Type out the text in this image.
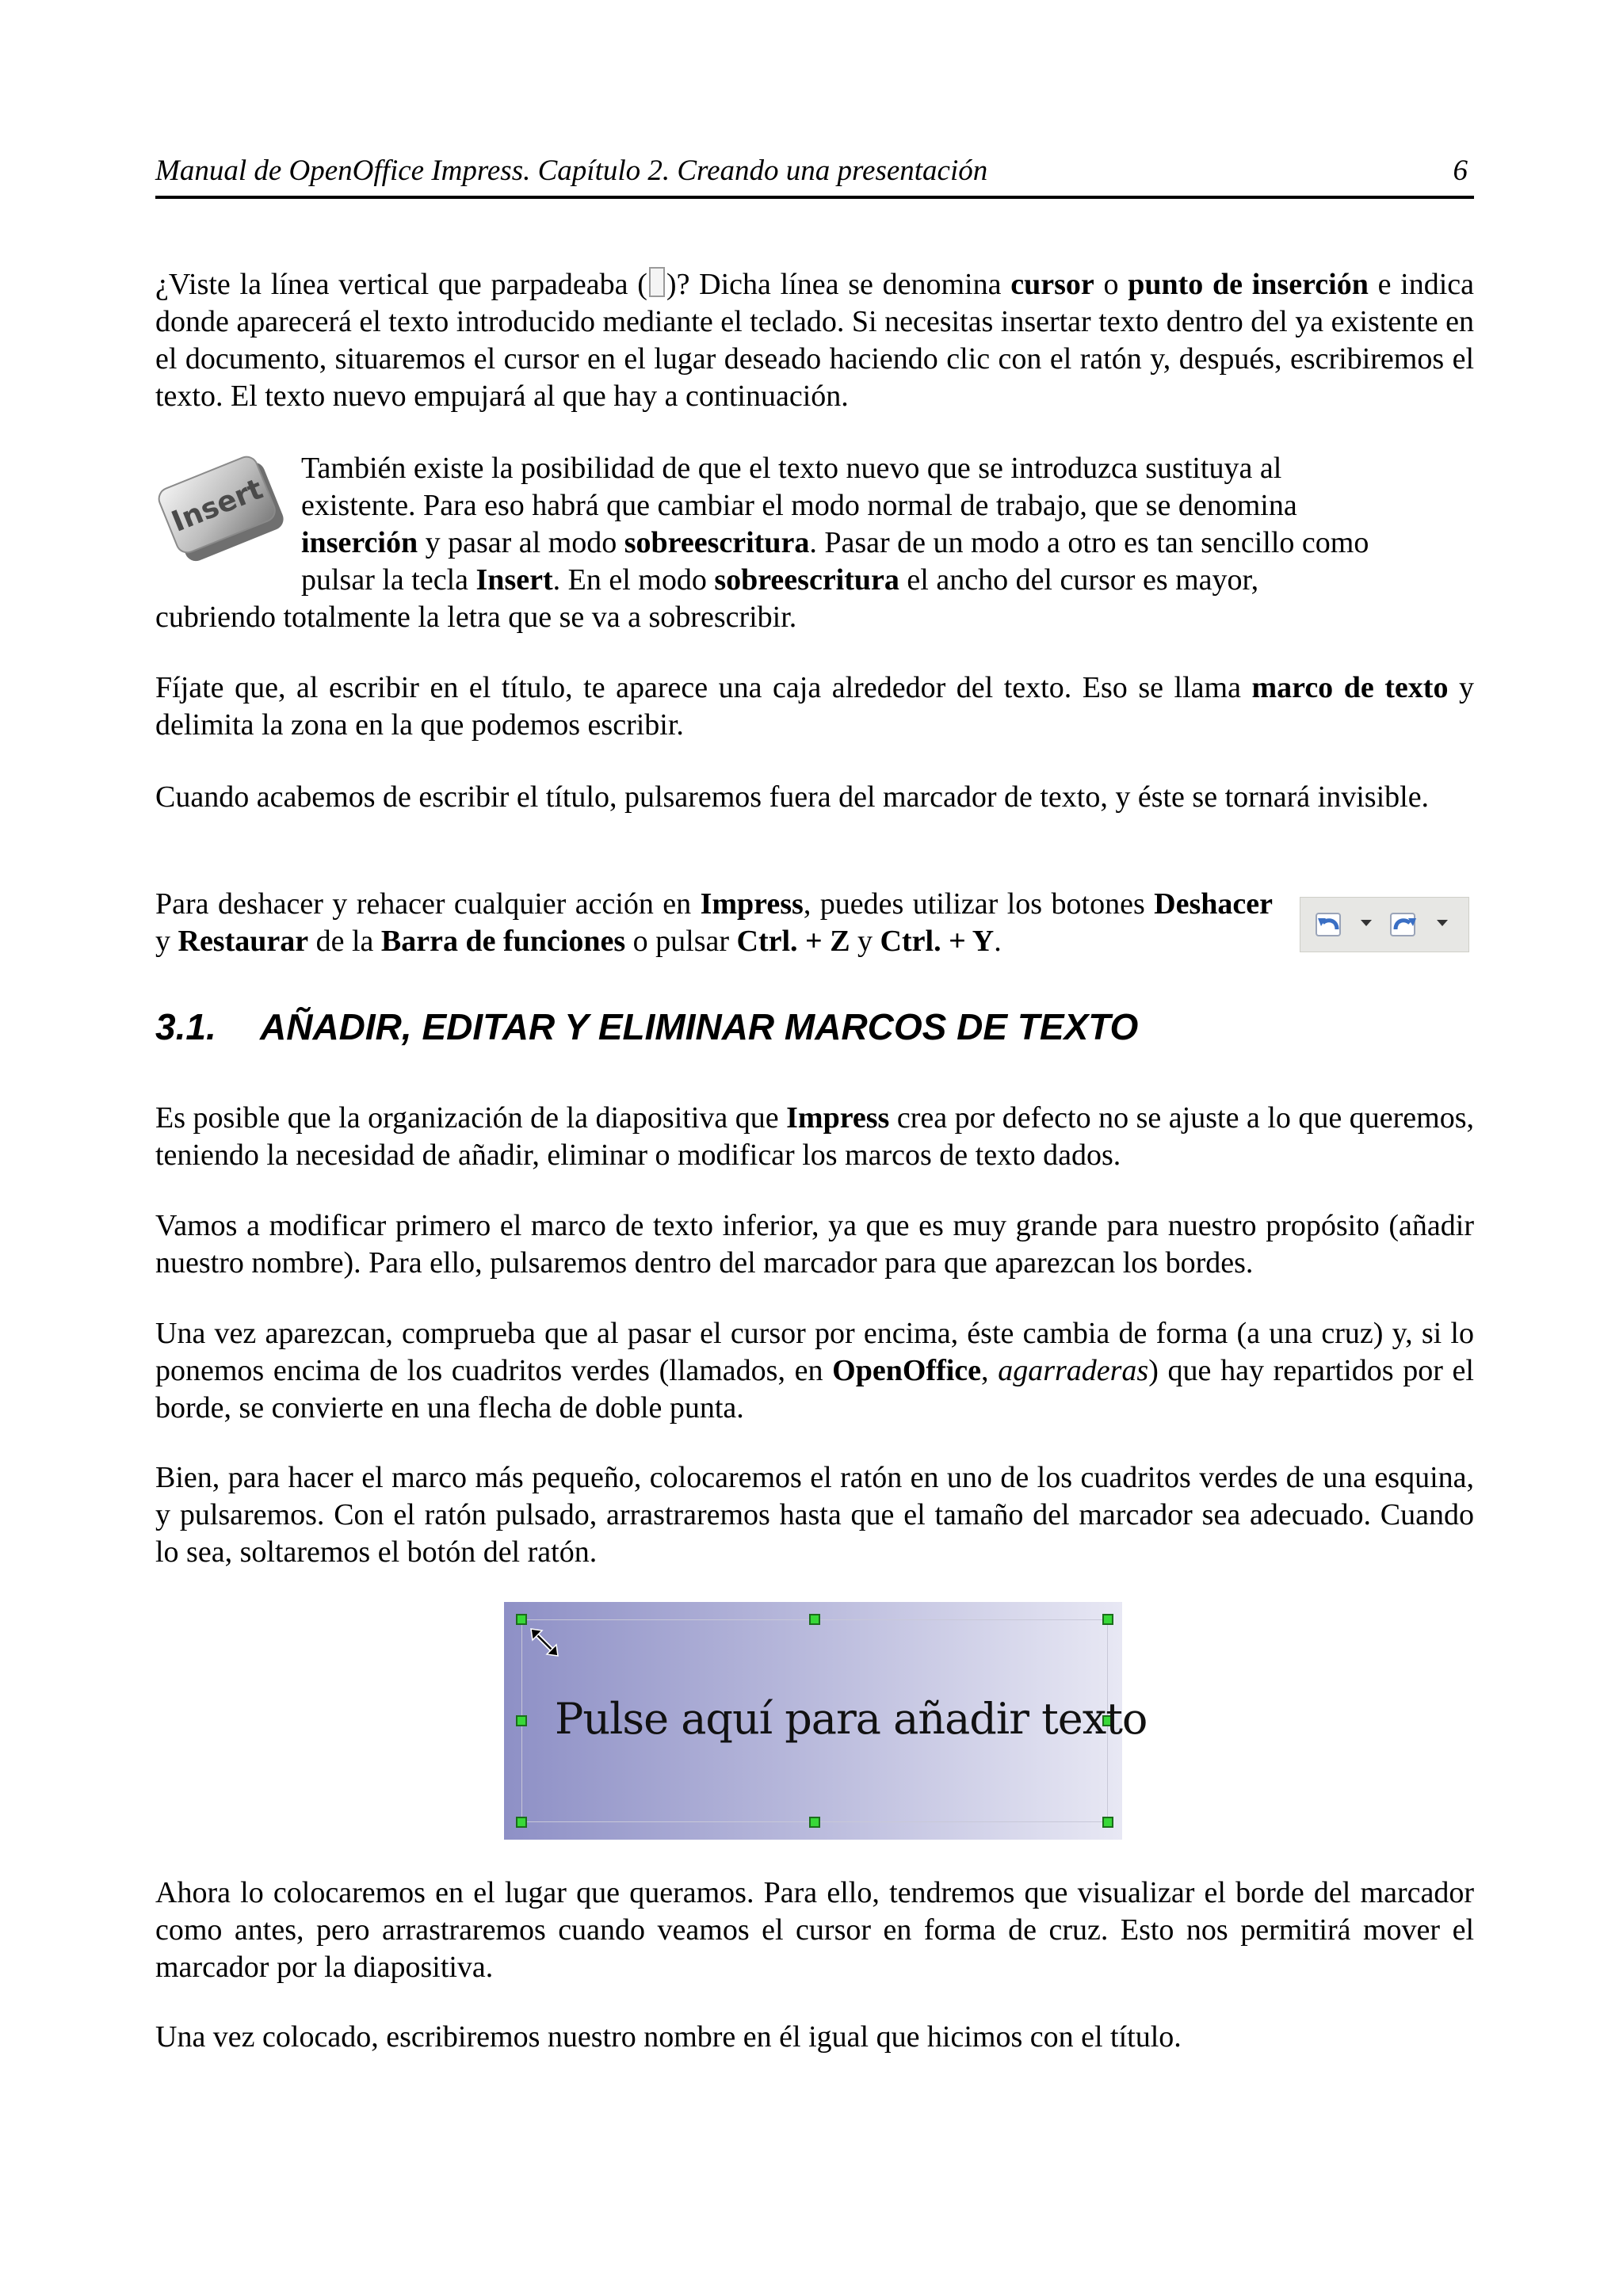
Manual de OpenOffice Impress. Capítulo 2. Creando una presentación	6

¿Viste la línea vertical que parpadeaba ( )? Dicha línea se denomina cursor o punto de inserción e indica donde aparecerá el texto introducido mediante el teclado. Si necesitas insertar texto dentro del ya existente en el documento, situaremos el cursor en el lugar deseado haciendo clic con el ratón y, después, escribiremos el texto. El texto nuevo empujará al que hay a continuación.

Insert

También existe la posibilidad de que el texto nuevo que se introduzca sustituya al

existente. Para eso habrá que cambiar el modo normal de trabajo, que se denomina

inserción y pasar al modo sobreescritura. Pasar de un modo a otro es tan sencillo como

pulsar la tecla Insert. En el modo sobreescritura el ancho del cursor es mayor,

cubriendo totalmente la letra que se va a sobrescribir.

Fíjate que, al escribir en el título, te aparece una caja alrededor del texto. Eso se llama marco de texto y delimita la zona en la que podemos escribir.

Cuando acabemos de escribir el título, pulsaremos fuera del marcador de texto, y éste se tornará invisible.

Para deshacer y rehacer cualquier acción en Impress, puedes utilizar los botones Deshacer y Restaurar de la Barra de funciones o pulsar Ctrl. + Z y Ctrl. + Y.

3.1. AÑADIR, EDITAR Y ELIMINAR MARCOS DE TEXTO

Es posible que la organización de la diapositiva que Impress crea por defecto no se ajuste a lo que queremos, teniendo la necesidad de añadir, eliminar o modificar los marcos de texto dados.

Vamos a modificar primero el marco de texto inferior, ya que es muy grande para nuestro propósito (añadir nuestro nombre). Para ello, pulsaremos dentro del marcador para que aparezcan los bordes.

Una vez aparezcan, comprueba que al pasar el cursor por encima, éste cambia de forma (a una cruz) y, si lo ponemos encima de los cuadritos verdes (llamados, en OpenOffice, agarraderas) que hay repartidos por el borde, se convierte en una flecha de doble punta.

Bien, para hacer el marco más pequeño, colocaremos el ratón en uno de los cuadritos verdes de una esquina, y pulsaremos. Con el ratón pulsado, arrastraremos hasta que el tamaño del marcador sea adecuado. Cuando lo sea, soltaremos el botón del ratón.

Pulse aquí para añadir texto

Ahora lo colocaremos en el lugar que queramos. Para ello, tendremos que visualizar el borde del marcador como antes, pero arrastraremos cuando veamos el cursor en forma de cruz. Esto nos permitirá mover el marcador por la diapositiva.

Una vez colocado, escribiremos nuestro nombre en él igual que hicimos con el título.
